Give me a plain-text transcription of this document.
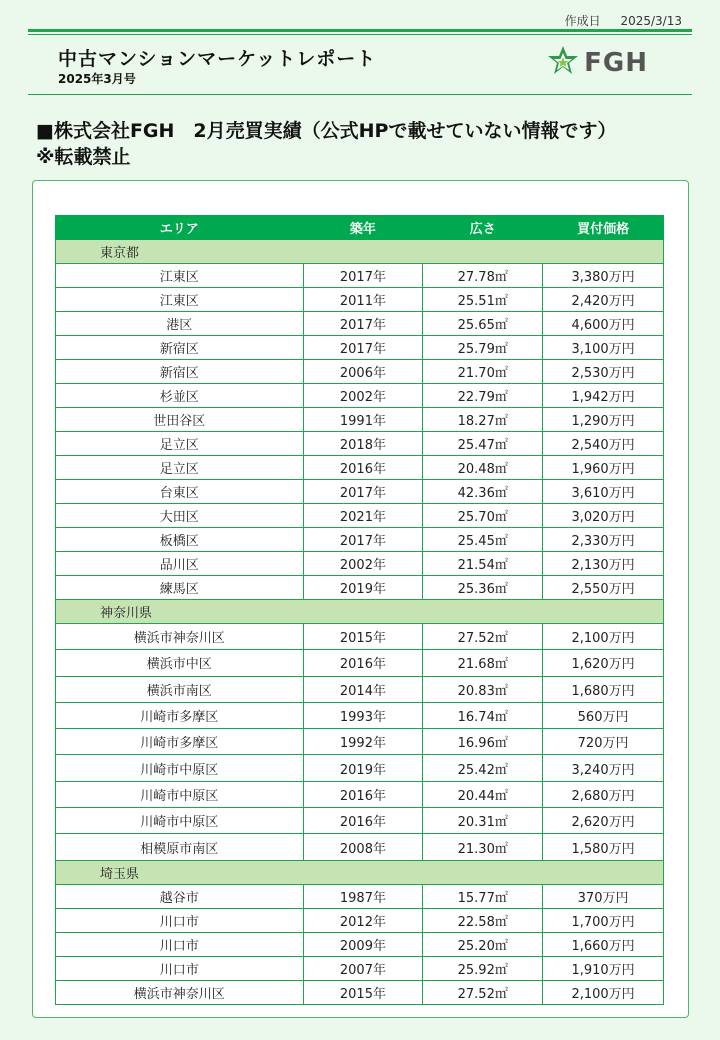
作成日 2025/3/13
中古マンションマーケットレポート
2025年3月号
FGH
■株式会社FGH　2月売買実績（公式HPで載せていない情報です）
※転載禁止
エリア	築年	広さ	買付価格
東京都			
江東区	2017年	27.78㎡	3,380万円
江東区	2011年	25.51㎡	2,420万円
港区	2017年	25.65㎡	4,600万円
新宿区	2017年	25.79㎡	3,100万円
新宿区	2006年	21.70㎡	2,530万円
杉並区	2002年	22.79㎡	1,942万円
世田谷区	1991年	18.27㎡	1,290万円
足立区	2018年	25.47㎡	2,540万円
足立区	2016年	20.48㎡	1,960万円
台東区	2017年	42.36㎡	3,610万円
大田区	2021年	25.70㎡	3,020万円
板橋区	2017年	25.45㎡	2,330万円
品川区	2002年	21.54㎡	2,130万円
練馬区	2019年	25.36㎡	2,550万円
神奈川県			
横浜市神奈川区	2015年	27.52㎡	2,100万円
横浜市中区	2016年	21.68㎡	1,620万円
横浜市南区	2014年	20.83㎡	1,680万円
川崎市多摩区	1993年	16.74㎡	560万円
川崎市多摩区	1992年	16.96㎡	720万円
川崎市中原区	2019年	25.42㎡	3,240万円
川崎市中原区	2016年	20.44㎡	2,680万円
川崎市中原区	2016年	20.31㎡	2,620万円
相模原市南区	2008年	21.30㎡	1,580万円
埼玉県			
越谷市	1987年	15.77㎡	370万円
川口市	2012年	22.58㎡	1,700万円
川口市	2009年	25.20㎡	1,660万円
川口市	2007年	25.92㎡	1,910万円
横浜市神奈川区	2015年	27.52㎡	2,100万円
